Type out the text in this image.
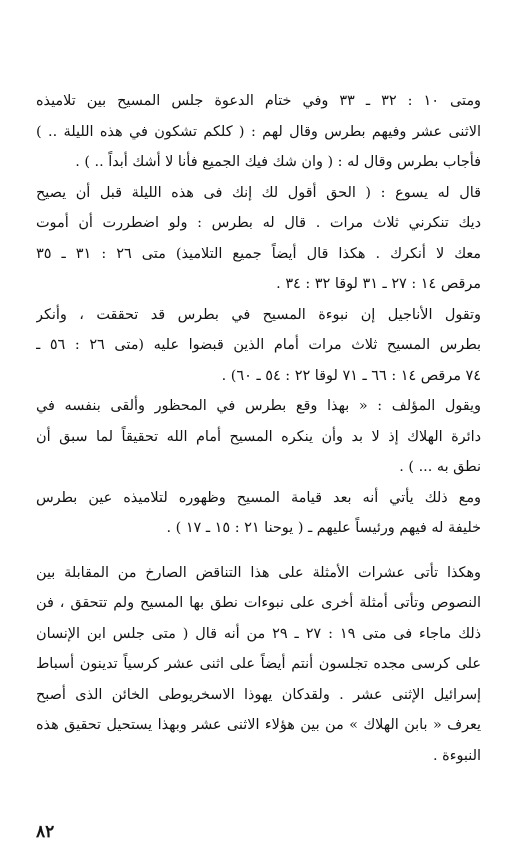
ومتى ١٠ : ٣٢ ـ ٣٣ وفي ختام الدعوة جلس المسيح بين تلاميذه
الاثنى عشر وفيهم بطرس وقال لهم : ( كلكم تشكون في هذه الليلة .. )
فأجاب بطرس وقال له : ( وان شك فيك الجميع فأنا لا أشك أبداً .. ) .
قال له يسوع : ( الحق أقول لك إنك فى هذه الليلة قبل أن يصيح
ديك تنكرني ثلاث مرات . قال له بطرس : ولو اضطررت أن أموت
معك لا أنكرك . هكذا قال أيضاً جميع التلاميذ) متى ٢٦ : ٣١ ـ ٣٥
مرقص ١٤ : ٢٧ ـ ٣١ لوقا ٣٢ : ٣٤ .
وتقول الأناجيل إن نبوءة المسيح في بطرس قد تحققت ، وأنكر
بطرس المسيح ثلاث مرات أمام الذين قبضوا عليه (متى ٢٦ : ٥٦ ـ
٧٤ مرقص ١٤ : ٦٦ ـ ٧١ لوقا ٢٢ : ٥٤ ـ ٦٠) .
ويقول المؤلف : « بهذا وقع بطرس في المحظور وألقى بنفسه في
دائرة الهلاك إذ لا بد وأن ينكره المسيح أمام الله تحقيقاً لما سبق أن
نطق به ... ) .
ومع ذلك يأتي أنه بعد قيامة المسيح وظهوره لتلاميذه عين بطرس
خليفة له فيهم ورئيساً عليهم ـ ( يوحنا ٢١ : ١٥ ـ ١٧ ) .
وهكذا تأتى عشرات الأمثلة على هذا التناقض الصارخ من المقابلة بين
النصوص وتأتى أمثلة أخرى على نبوءات نطق بها المسيح ولم تتحقق ، فن
ذلك ماجاء فى متى ١٩ : ٢٧ ـ ٢٩ من أنه قال ( متى جلس ابن الإنسان
على كرسى مجده تجلسون أنتم أيضاً على اثنى عشر كرسياً تدينون أسباط
إسرائيل الإثنى عشر . ولقدكان يهوذا الاسخريوطى الخائن الذى أصبح
يعرف « بابن الهلاك » من بين هؤلاء الاثنى عشر وبهذا يستحيل تحقيق هذه
النبوءة .
٨٢
